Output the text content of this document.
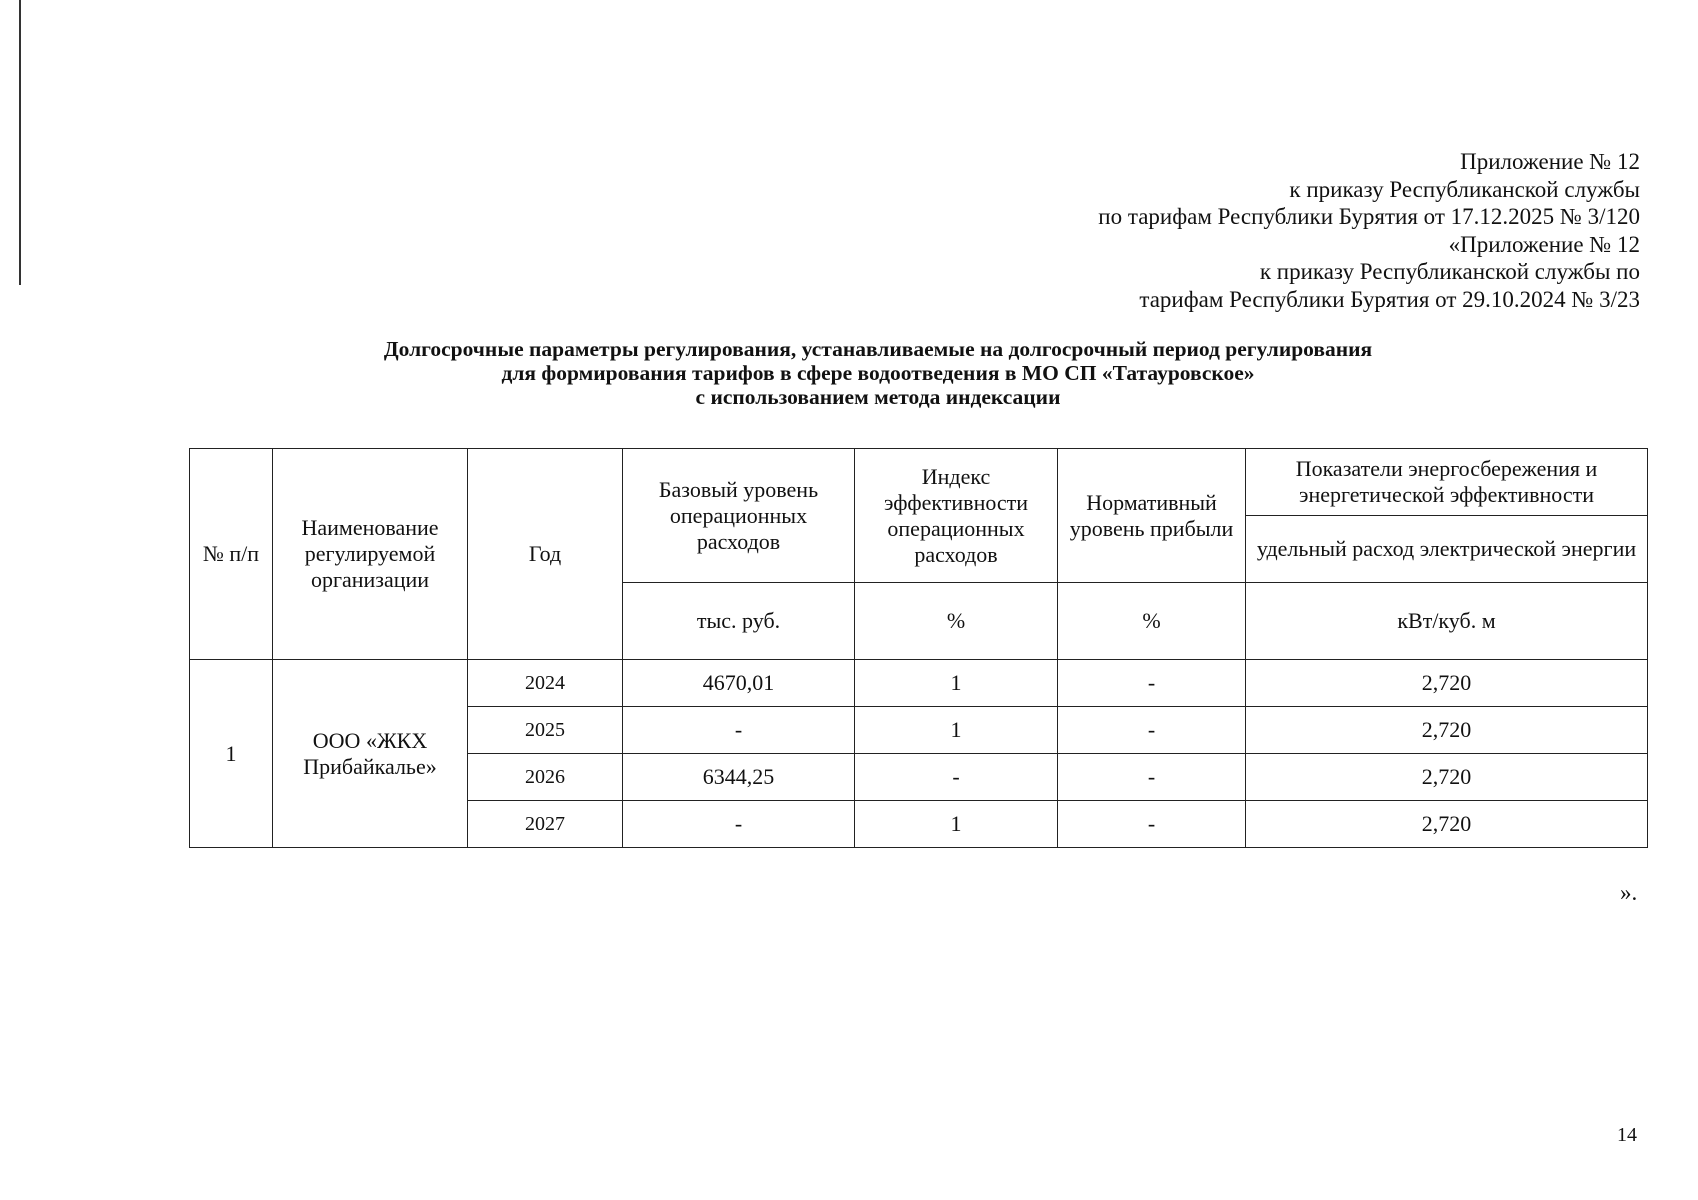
Приложение № 12
к приказу Республиканской службы
по тарифам Республики Бурятия от 17.12.2025 № 3/120
«Приложение № 12
к приказу Республиканской службы по
тарифам Республики Бурятия от 29.10.2024 № 3/23
Долгосрочные параметры регулирования, устанавливаемые на долгосрочный период регулирования
для формирования тарифов в сфере водоотведения в МО СП «Татауровское»
с использованием метода индексации
№ п/п	Наименование регулируемой организации	Год	Базовый уровень операционных расходов	Индекс эффективности операционных расходов	Нормативный уровень прибыли	Показатели энергосбережения и энергетической эффективности
						удельный расход электрической энергии
			тыс. руб.	%	%	кВт/куб. м
1	ООО «ЖКХ Прибайкалье»	2024	4670,01	1	-	2,720
		2025	-	1	-	2,720
		2026	6344,25	-	-	2,720
		2027	-	1	-	2,720
».
14
